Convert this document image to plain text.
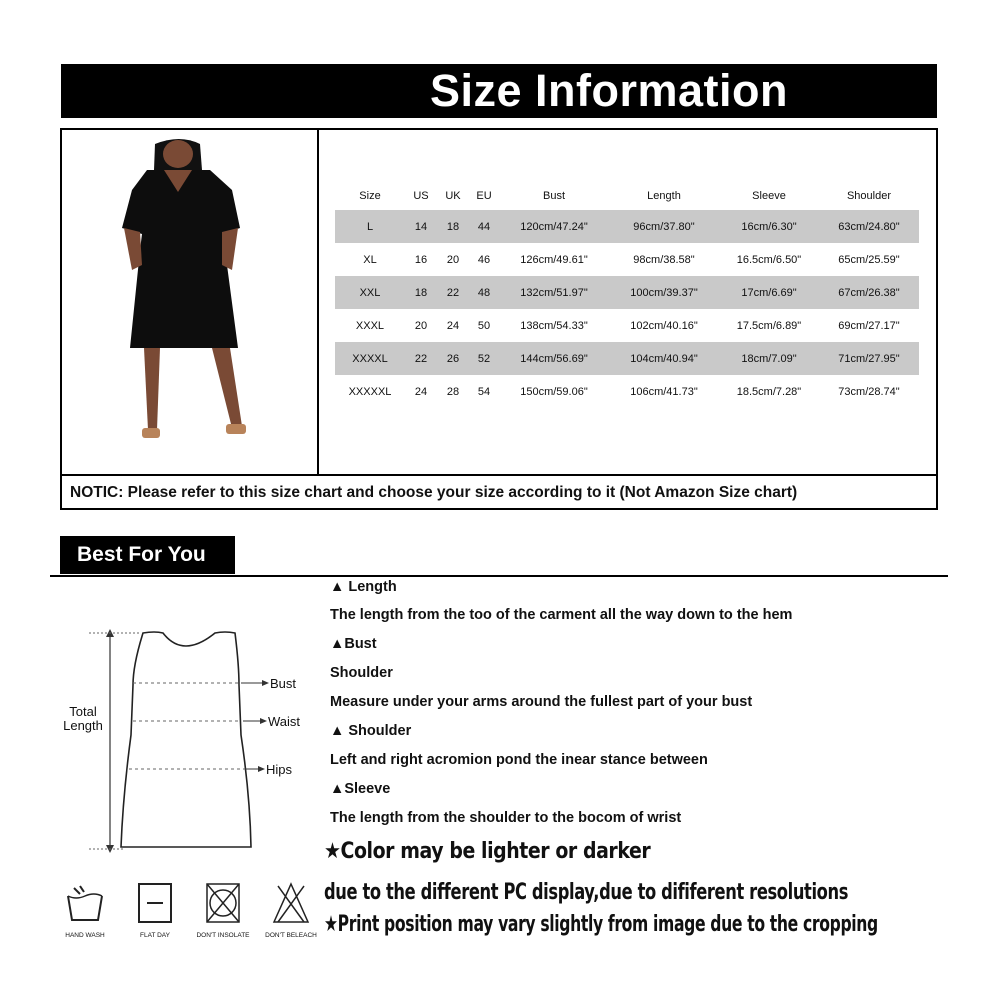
Size Information
Size	US	UK	EU	Bust	Length	Sleeve	Shoulder
L	14	18	44	120cm/47.24"	96cm/37.80"	16cm/6.30"	63cm/24.80"
XL	16	20	46	126cm/49.61"	98cm/38.58"	16.5cm/6.50"	65cm/25.59"
XXL	18	22	48	132cm/51.97"	100cm/39.37"	17cm/6.69"	67cm/26.38"
XXXL	20	24	50	138cm/54.33"	102cm/40.16"	17.5cm/6.89"	69cm/27.17"
XXXXL	22	26	52	144cm/56.69"	104cm/40.94"	18cm/7.09"	71cm/27.95"
XXXXXL	24	28	54	150cm/59.06"	106cm/41.73"	18.5cm/7.28"	73cm/28.74"
NOTIC: Please refer to this size chart and choose your size according to it (Not Amazon Size chart)
Best For You
▲ Length
The length from the too of the carment all the way down to the hem
▲Bust
Shoulder
Measure under your arms around the fullest part of your bust
▲ Shoulder
Left and right acromion pond the inear stance between
▲Sleeve
The length from the shoulder to the bocom of wrist
★Color may be lighter or darker
due to the different PC display,due to dififerent resolutions
★Print position may vary slightly from image due to the cropping
Total
Length
Bust
Waist
Hips
HAND WASH	FLAT DAY	DON'T INSOLATE	DON'T BELEACH
